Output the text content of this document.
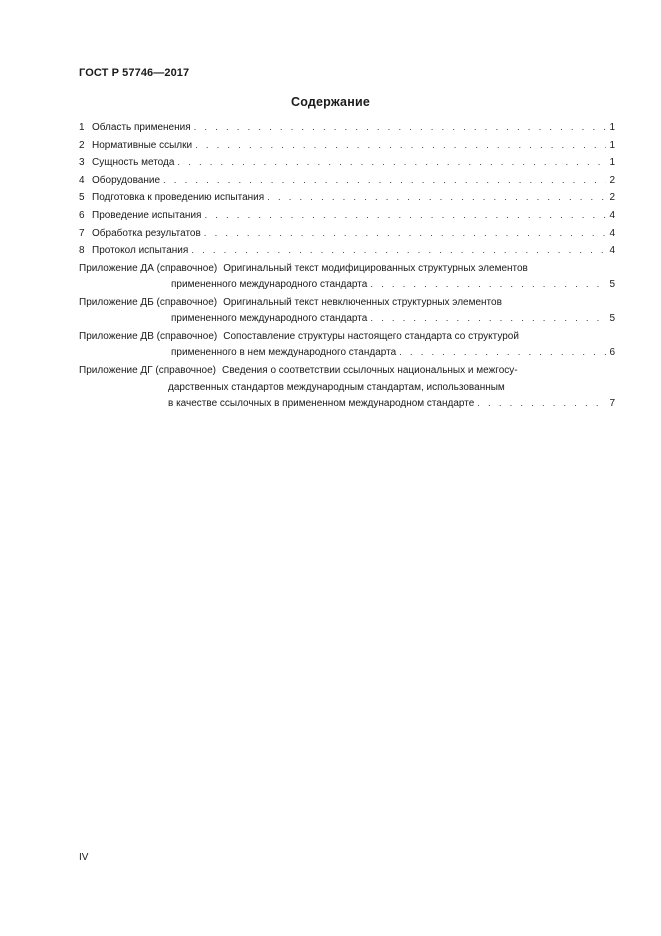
ГОСТ Р 57746—2017
Содержание
1 Область применения . . .	1
2 Нормативные ссылки . . .	1
3 Сущность метода . . .	1
4 Оборудование . . .	2
5 Подготовка к проведению испытания . . .	2
6 Проведение испытания . . .	4
7 Обработка результатов . . .	4
8 Протокол испытания . . .	4
Приложение ДА (справочное) Оригинальный текст модифицированных структурных элементов
примененного международного стандарта . . .	5
Приложение ДБ (справочное) Оригинальный текст невключенных структурных элементов
примененного международного стандарта . . .	5
Приложение ДВ (справочное) Сопоставление структуры настоящего стандарта со структурой
примененного в нем международного стандарта . . .	6
Приложение ДГ (справочное) Сведения о соответствии ссылочных национальных и межгосу-
дарственных стандартов международным стандартам, использованным
в качестве ссылочных в примененном международном стандарте . . .	7
IV
